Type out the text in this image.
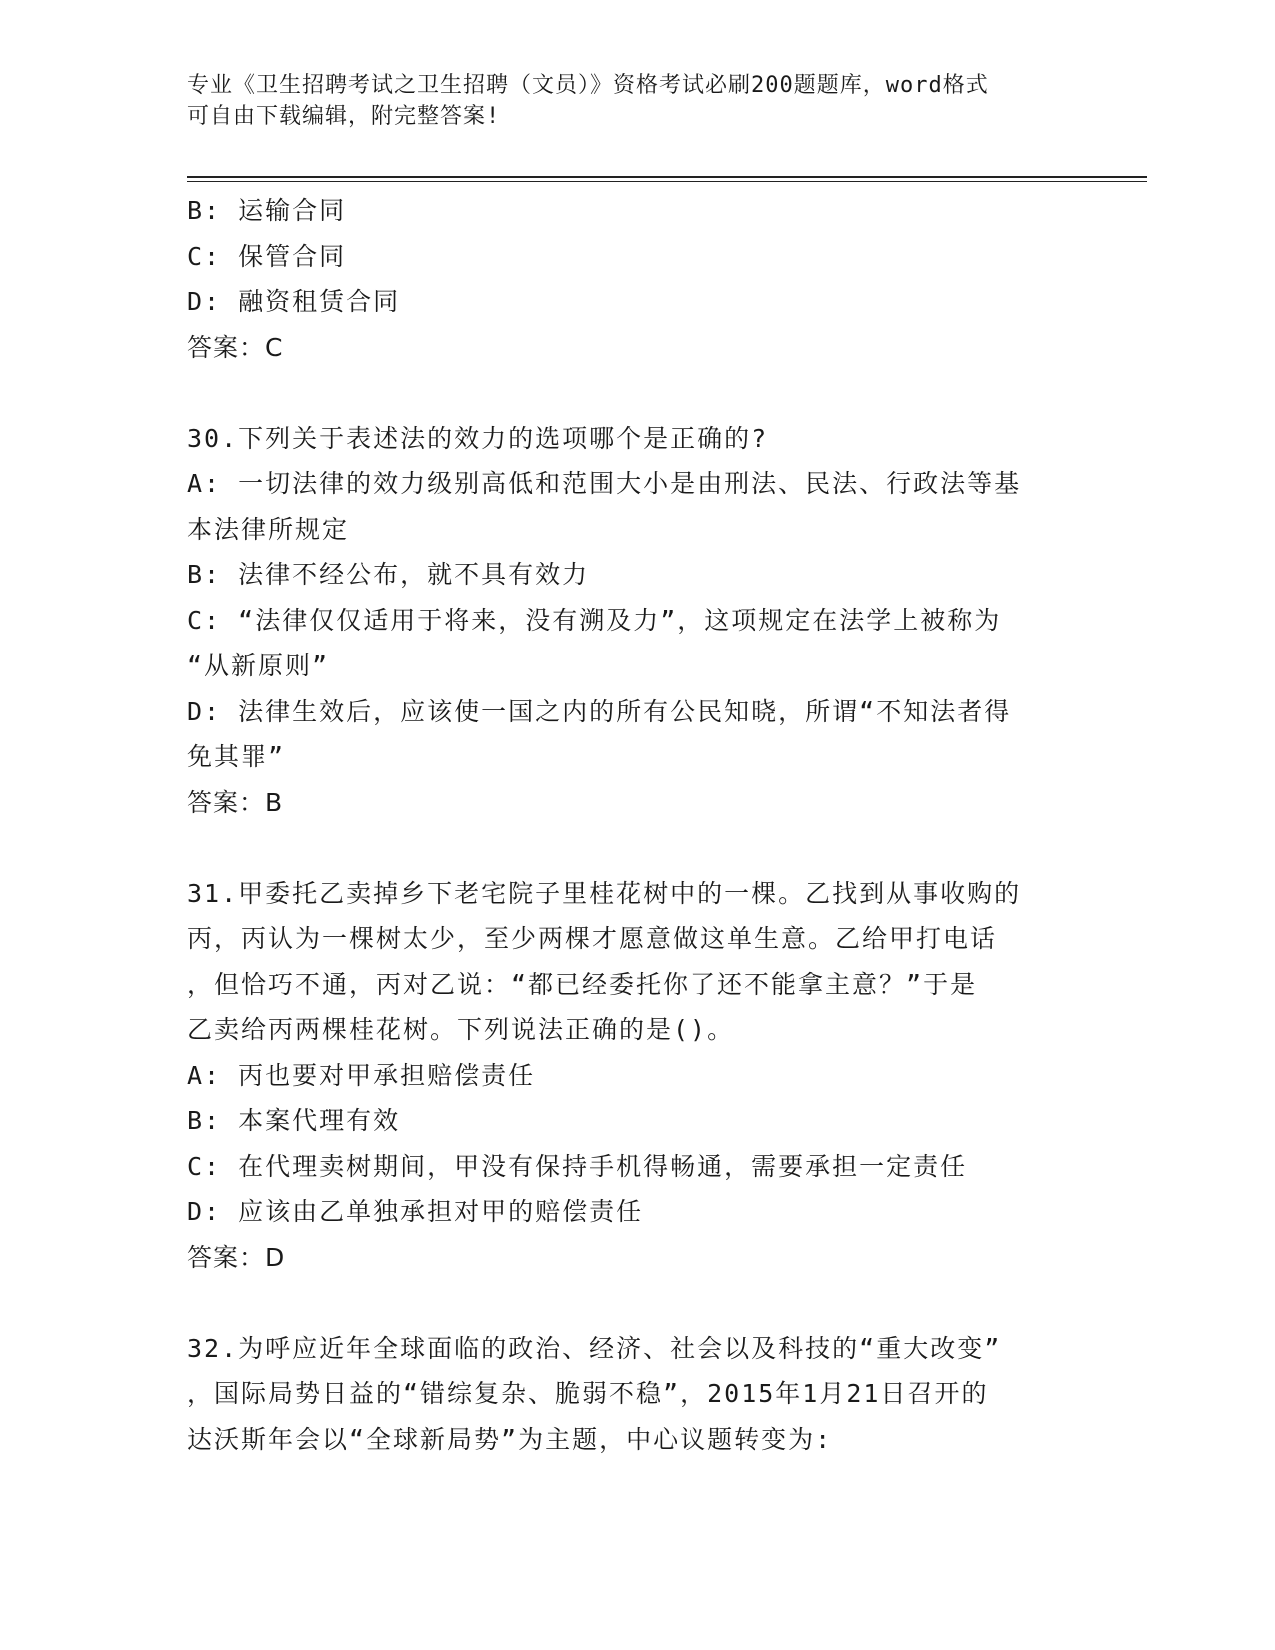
专业《卫生招聘考试之卫生招聘（文员）》资格考试必刷200题题库，word格式
可自由下载编辑，附完整答案!
B: 运输合同
C: 保管合同
D: 融资租赁合同
答案：C
30.下列关于表述法的效力的选项哪个是正确的?
A: 一切法律的效力级别高低和范围大小是由刑法、民法、行政法等基
本法律所规定
B: 法律不经公布，就不具有效力
C: “法律仅仅适用于将来，没有溯及力”，这项规定在法学上被称为
“从新原则”
D: 法律生效后，应该使一国之内的所有公民知晓，所谓“不知法者得
免其罪”
答案：B
31.甲委托乙卖掉乡下老宅院子里桂花树中的一棵。乙找到从事收购的
丙，丙认为一棵树太少，至少两棵才愿意做这单生意。乙给甲打电话
，但恰巧不通，丙对乙说：“都已经委托你了还不能拿主意？”于是
乙卖给丙两棵桂花树。下列说法正确的是()。
A: 丙也要对甲承担赔偿责任
B: 本案代理有效
C: 在代理卖树期间，甲没有保持手机得畅通，需要承担一定责任
D: 应该由乙单独承担对甲的赔偿责任
答案：D
32.为呼应近年全球面临的政治、经济、社会以及科技的“重大改变”
，国际局势日益的“错综复杂、脆弱不稳”，2015年1月21日召开的
达沃斯年会以“全球新局势”为主题，中心议题转变为:
